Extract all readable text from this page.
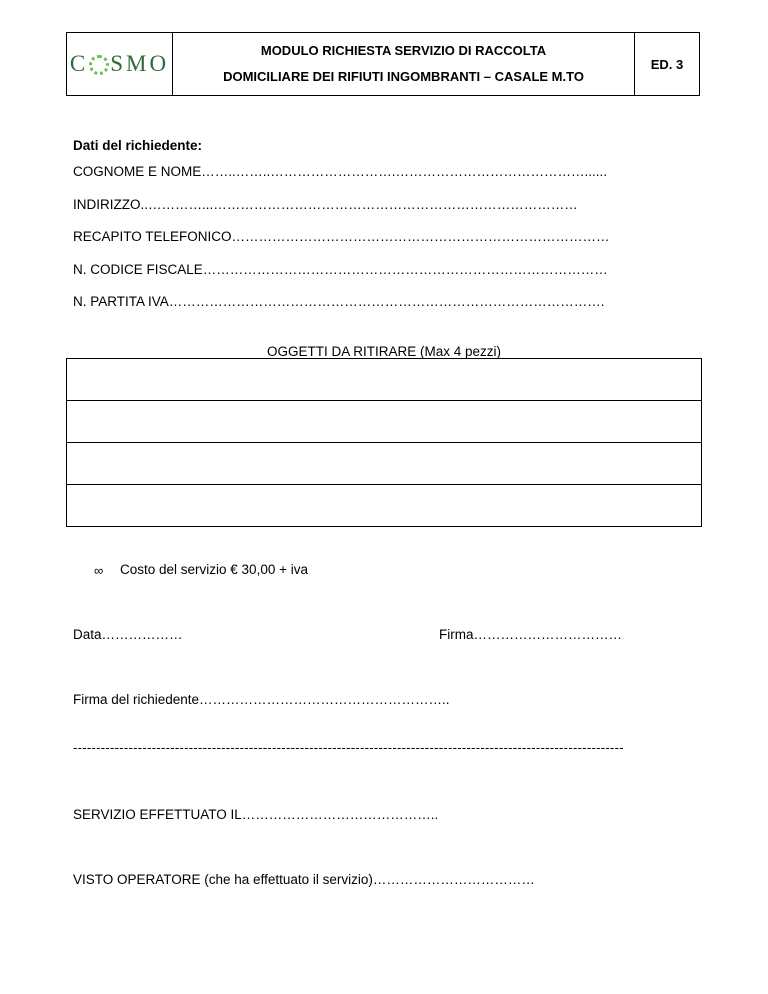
C SMO
MODULO RICHIESTA SERVIZIO DI RACCOLTA
DOMICILIARE DEI RIFIUTI INGOMBRANTI – CASALE M.TO
ED. 3
Dati del richiedente:
COGNOME E NOME……..……..……………………….……………………………………......
INDIRIZZO..…………...………………………………………………………………………
RECAPITO TELEFONICO…………………………………………………………………………
N. CODICE FISCALE………………………………………………………………………………
N. PARTITA IVA…………………………………………………………………………………….
OGGETTI DA RITIRARE (Max 4 pezzi)

∞ Costo del servizio € 30,00 + iva
Data………………	Firma……………………………
Firma del richiedente………………………………………………..
-----------------------------------------------------------------------------------------------------------------------
SERVIZIO EFFETTUATO IL……………………………………..
VISTO OPERATORE (che ha effettuato il servizio)………………………………
